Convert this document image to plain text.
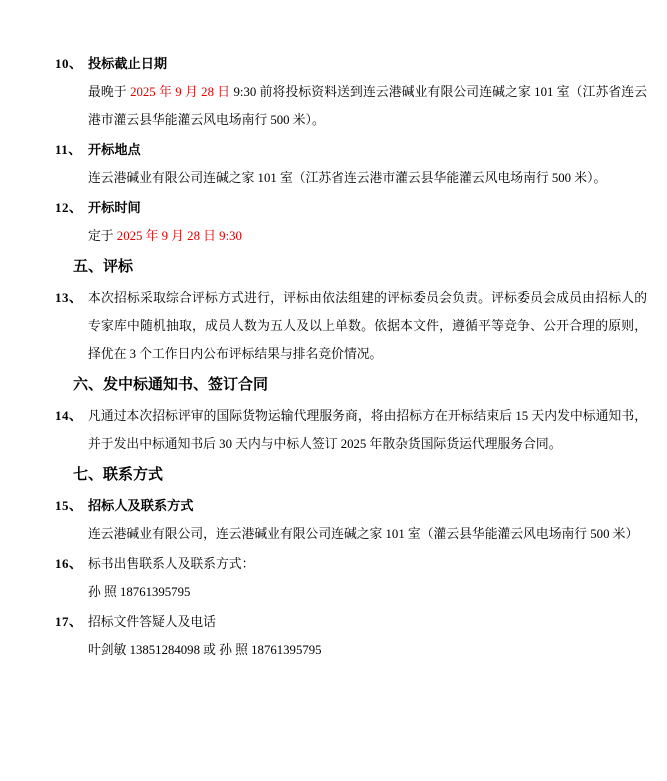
10、 投标截止日期

最晚于 2025 年 9 月 28 日 9:30 前将投标资料送到连云港碱业有限公司连碱之家 101 室（江苏省连云港市灌云县华能灌云风电场南行 500 米）。

11、 开标地点

连云港碱业有限公司连碱之家 101 室（江苏省连云港市灌云县华能灌云风电场南行 500 米）。

12、 开标时间

定于 2025 年 9 月 28 日 9:30

五、评标
13、 本次招标采取综合评标方式进行，评标由依法组建的评标委员会负责。评标委员会成员由招标人的专家库中随机抽取，成员人数为五人及以上单数。依据本文件，遵循平等竞争、公开合理的原则，择优在 3 个工作日内公布评标结果与排名竞价情况。

六、发中标通知书、签订合同
14、 凡通过本次招标评审的国际货物运输代理服务商，将由招标方在开标结束后 15 天内发中标通知书，并于发出中标通知书后 30 天内与中标人签订 2025 年散杂货国际货运代理服务合同。

七、联系方式
15、 招标人及联系方式

连云港碱业有限公司，连云港碱业有限公司连碱之家 101 室（灌云县华能灌云风电场南行 500 米）

16、 标书出售联系人及联系方式：

孙 照 18761395795

17、 招标文件答疑人及电话

叶剑敏 13851284098 或 孙 照 18761395795
